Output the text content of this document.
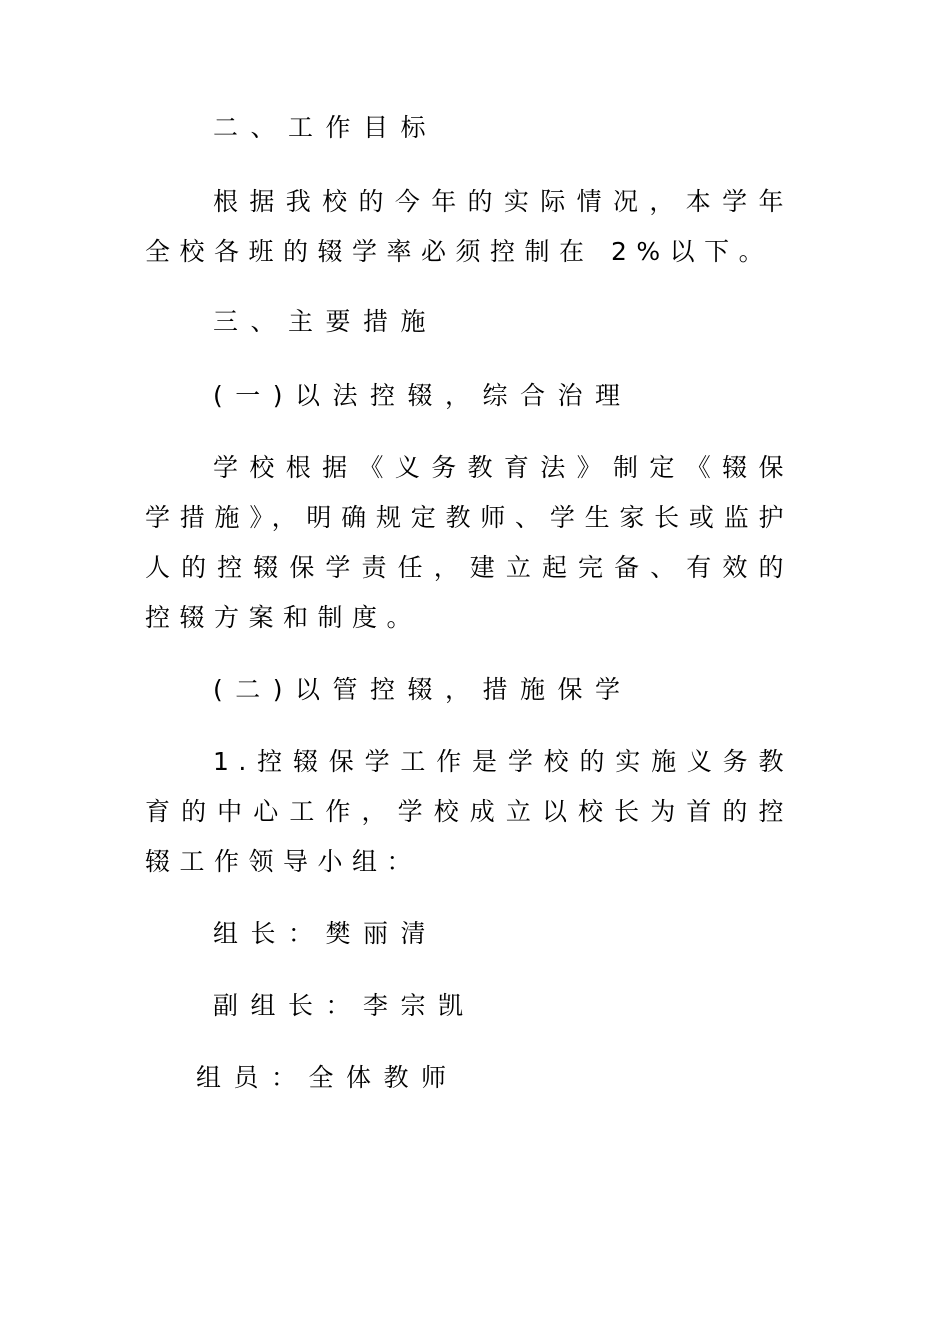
二、工作目标

根据我校的今年的实际情况，本学年全校各班的辍学率必须控制在 2%以下。

三、主要措施

(一)以法控辍，综合治理

学校根据《义务教育法》制定《辍保学措施》，明确规定教师、学生家长或监护人的控辍保学责任，建立起完备、有效的控辍方案和制度。

(二)以管控辍，措施保学

1.控辍保学工作是学校的实施义务教育的中心工作，学校成立以校长为首的控辍工作领导小组：

组长：樊丽清

副组长：李宗凯

组员：全体教师
